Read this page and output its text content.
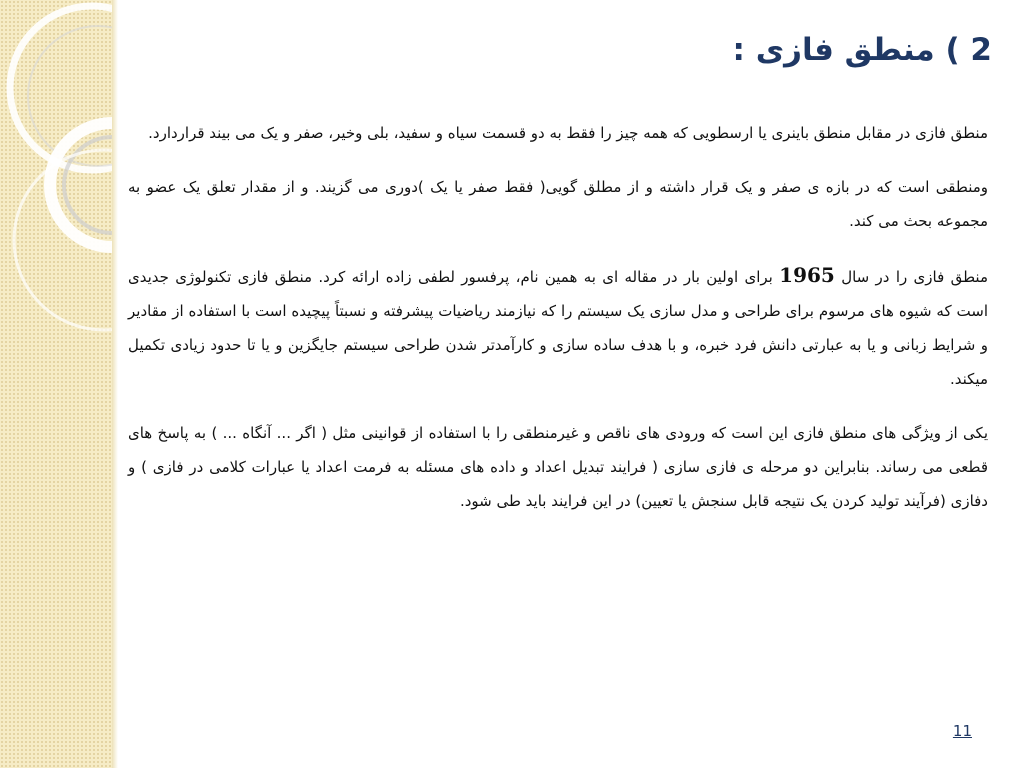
2 ) منطق فازی :

منطق فازی در مقابل منطق باینری یا ارسطویی که همه چیز را فقط به دو قسمت سیاه و سفید، بلی وخیر، صفر و یک می بیند قراردارد.

ومنطقی است که در بازه ی صفر و یک قرار داشته و از مطلق گویی( فقط صفر یا یک )دوری می گزیند. و از مقدار تعلق یک عضو به مجموعه بحث می کند.

منطق فازی را در سال 1965 برای اولین بار در مقاله ای به همین نام، پرفسور لطفی زاده ارائه کرد. منطق فازی تکنولوژی جدیدی است که شیوه های مرسوم برای طراحی و مدل سازی یک سیستم را که نیازمند ریاضیات پیشرفته و نسبتاً پیچیده است با استفاده از مقادیر و شرایط زبانی و یا به عبارتی دانش فرد خبره، و با هدف ساده سازی و کارآمدتر شدن طراحی سیستم جایگزین و یا تا حدود زیادی تکمیل میکند.

یکی از ویژگی های منطق فازی این است که ورودی های ناقص و غیرمنطقی را با استفاده از قوانینی مثل ( اگر ... آنگاه ... ) به پاسخ های قطعی می رساند. بنابراین دو مرحله ی فازی سازی ( فرایند تبدیل اعداد و داده های مسئله به فرمت اعداد یا عبارات کلامی در فازی ) و دفازی (فرآیند تولید کردن یک نتیجه قابل سنجش یا تعیین) در این فرایند باید طی شود.

11
